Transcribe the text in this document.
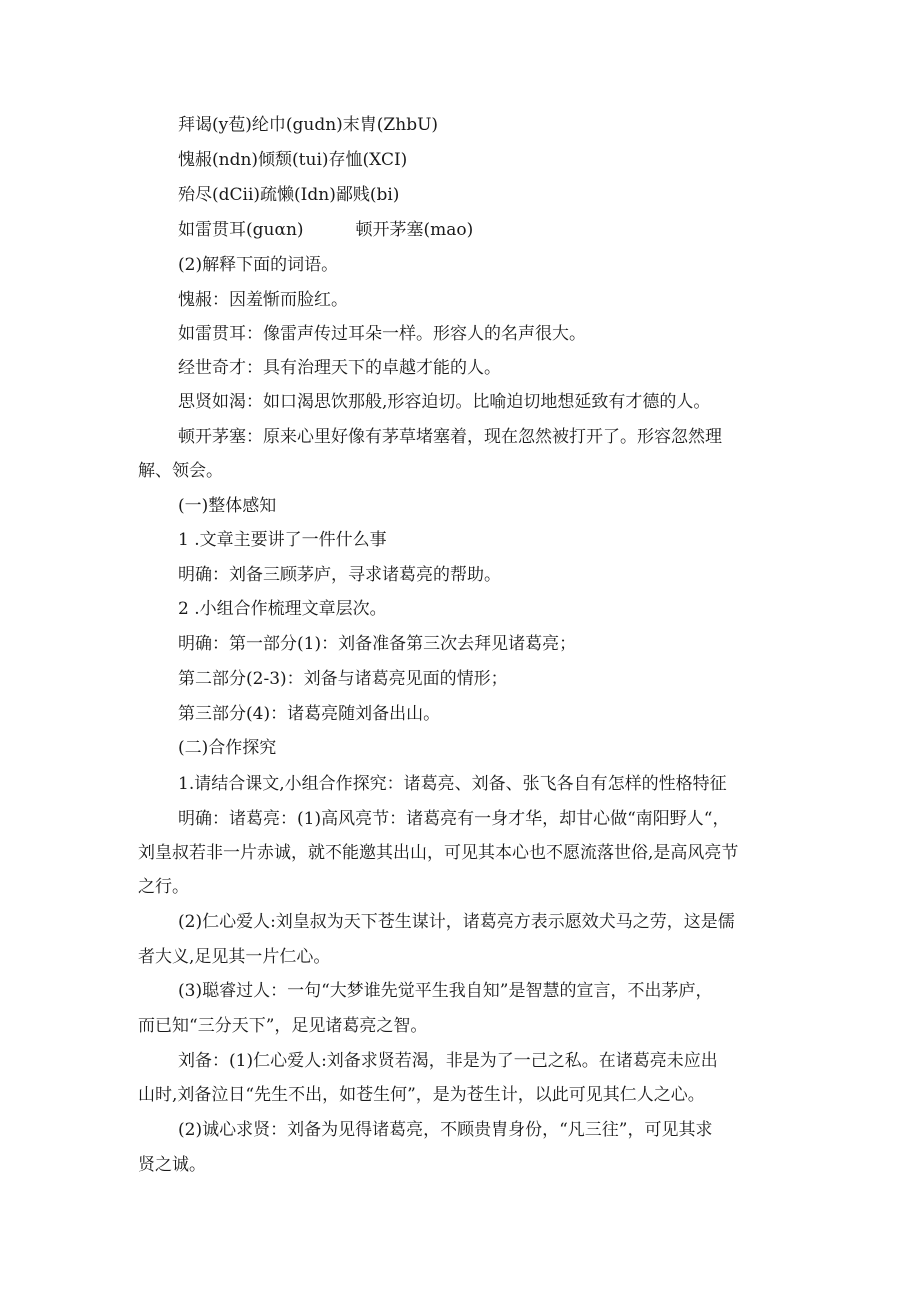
拜谒(y苞)纶巾(gudn)末胄(ZhbU)
愧赧(ndn)倾颓(tui)存恤(XCI)
殆尽(dCii)疏懒(Idn)鄙贱(bi)
如雷贯耳(guαn)	顿开茅塞(mao)
(2)解释下面的词语。
愧赧：因羞惭而脸红。
如雷贯耳：像雷声传过耳朵一样。形容人的名声很大。
经世奇才：具有治理天下的卓越才能的人。
思贤如渴：如口渴思饮那般,形容迫切。比喻迫切地想延致有才德的人。
顿开茅塞：原来心里好像有茅草堵塞着，现在忽然被打开了。形容忽然理
解、领会。
(一)整体感知
1 .文章主要讲了一件什么事
明确：刘备三顾茅庐，寻求诸葛亮的帮助。
2 .小组合作梳理文章层次。
明确：第一部分(1)：刘备准备第三次去拜见诸葛亮；
第二部分(2-3)：刘备与诸葛亮见面的情形；
第三部分(4)：诸葛亮随刘备出山。
(二)合作探究
1.请结合课文,小组合作探究：诸葛亮、刘备、张飞各自有怎样的性格特征
明确：诸葛亮：(1)高风亮节：诸葛亮有一身才华，却甘心做“南阳野人“，
刘皇叔若非一片赤诚，就不能邀其出山，可见其本心也不愿流落世俗,是高风亮节
之行。
(2)仁心爱人:刘皇叔为天下苍生谋计，诸葛亮方表示愿效犬马之劳，这是儒
者大义,足见其一片仁心。
(3)聪睿过人：一句“大梦谁先觉平生我自知”是智慧的宣言，不出茅庐，
而已知“三分天下”，足见诸葛亮之智。
刘备：(1)仁心爱人:刘备求贤若渴，非是为了一己之私。在诸葛亮未应出
山时,刘备泣日“先生不出，如苍生何”，是为苍生计，以此可见其仁人之心。
(2)诚心求贤：刘备为见得诸葛亮，不顾贵胄身份，“凡三往”，可见其求
贤之诚。
